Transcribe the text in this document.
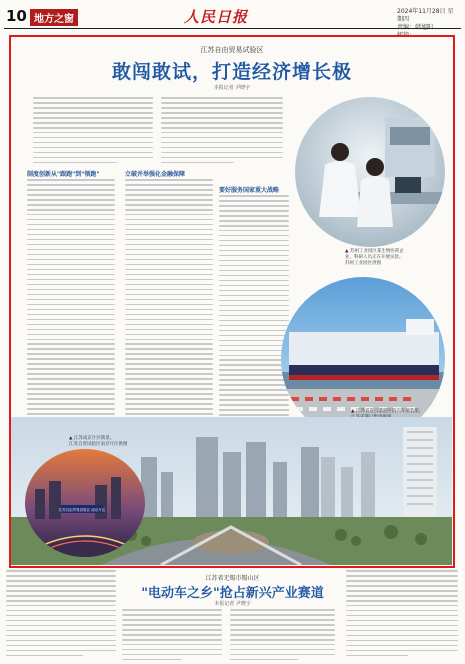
10 地方之窗	人民日报	2024年11月28日 星期四
责编：韩旭阳
江苏自由贸易试验区
敢闯敢试，打造经济增长极
本报记者 尹晓宇
制度创新从"跟跑"到"领跑"	立破并举强化金融保障
要好服务国家重大战略
▲ 苏州工业园区某生物医药企业，科研人员正在开展实验。
苏州工业园区供图
▲ 江苏省连云港港区的汽车滚装船。
江苏自由贸易试验区 南京片区
▲ 江苏南京片区街景。
江苏自贸试验区南京片区供图
江苏省无锡市锡山区
"电动车之乡"抢占新兴产业赛道
本报记者 尹晓宇
